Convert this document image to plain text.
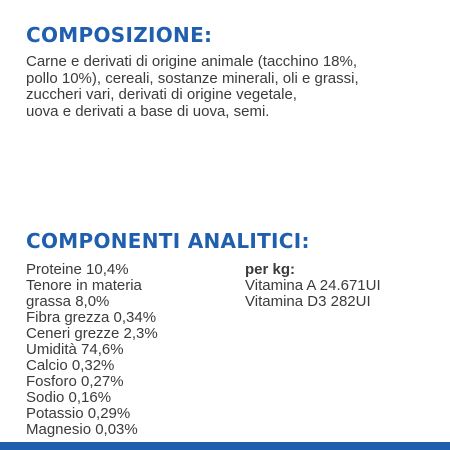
COMPOSIZIONE:

Carne e derivati di origine animale (tacchino 18%,
pollo 10%), cereali, sostanze minerali, oli e grassi,
zuccheri vari, derivati di origine vegetale,
uova e derivati a base di uova, semi.

COMPONENTI ANALITICI:
Proteine 10,4%
Tenore in materia
grassa 8,0%
Fibra grezza 0,34%
Ceneri grezze 2,3%
Umidità 74,6%
Calcio 0,32%
Fosforo 0,27%
Sodio 0,16%
Potassio 0,29%
Magnesio 0,03%
per kg:
Vitamina A 24.671UI
Vitamina D3 282UI
